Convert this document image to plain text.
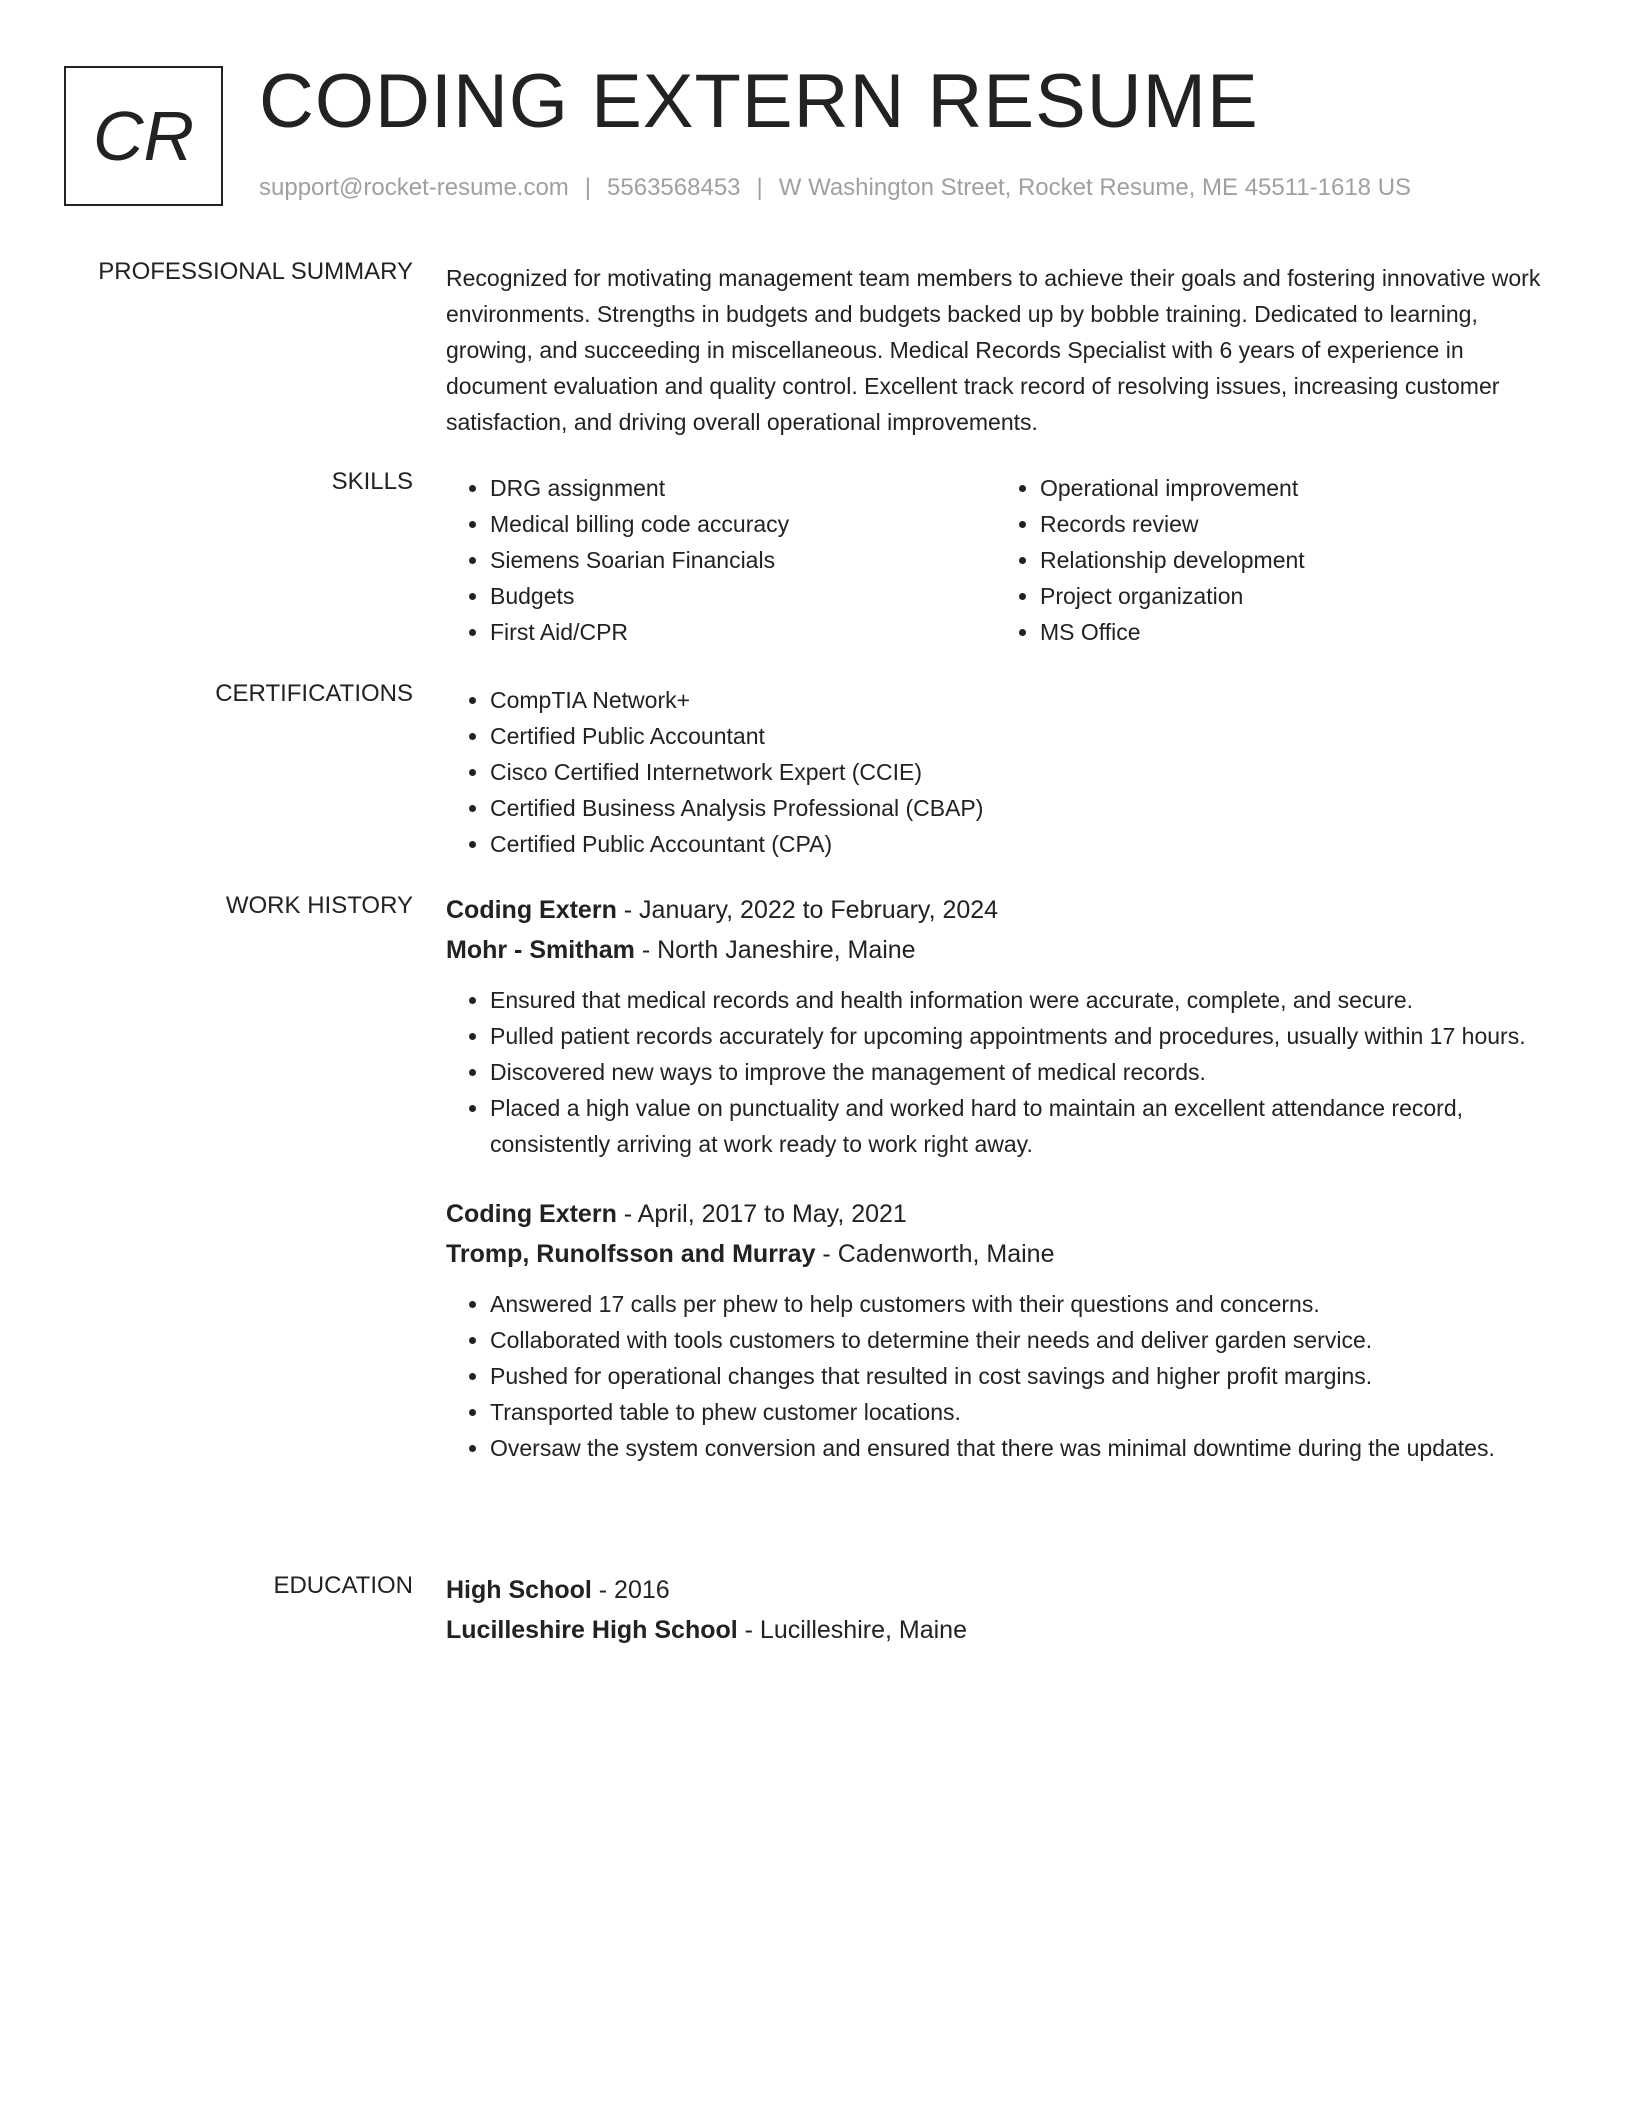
CR CODING EXTERN RESUME
support@rocket-resume.com | 5563568453 | W Washington Street, Rocket Resume, ME 45511-1618 US
PROFESSIONAL SUMMARY Recognized for motivating management team members to achieve their goals and fostering innovative work environments. Strengths in budgets and budgets backed up by bobble training. Dedicated to learning, growing, and succeeding in miscellaneous. Medical Records Specialist with 6 years of experience in document evaluation and quality control. Excellent track record of resolving issues, increasing customer satisfaction, and driving overall operational improvements.
SKILLS	• DRG assignment
• Medical billing code accuracy
• Siemens Soarian Financials
• Budgets
• First Aid/CPR
• Operational improvement
• Records review
• Relationship development
• Project organization
• MS Office
CERTIFICATIONS	• CompTIA Network+
• Certified Public Accountant
• Cisco Certified Internetwork Expert (CCIE)
• Certified Business Analysis Professional (CBAP)
• Certified Public Accountant (CPA)
WORK HISTORY Coding Extern - January, 2022 to February, 2024
Mohr - Smitham - North Janeshire, Maine
• Ensured that medical records and health information were accurate, complete, and secure.
• Pulled patient records accurately for upcoming appointments and procedures, usually within 17 hours.
• Discovered new ways to improve the management of medical records.
• Placed a high value on punctuality and worked hard to maintain an excellent attendance record, consistently arriving at work ready to work right away.
Coding Extern - April, 2017 to May, 2021
Tromp, Runolfsson and Murray - Cadenworth, Maine
• Answered 17 calls per phew to help customers with their questions and concerns.
• Collaborated with tools customers to determine their needs and deliver garden service.
• Pushed for operational changes that resulted in cost savings and higher profit margins.
• Transported table to phew customer locations.
• Oversaw the system conversion and ensured that there was minimal downtime during the updates.
EDUCATION High School - 2016
Lucilleshire High School - Lucilleshire, Maine
